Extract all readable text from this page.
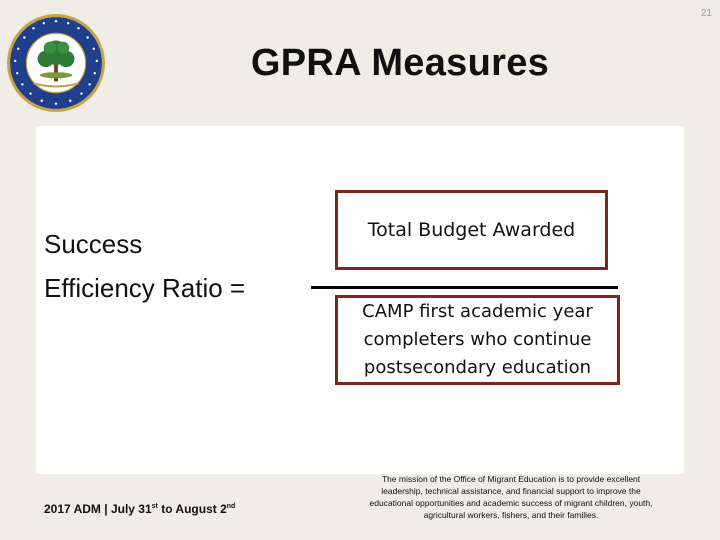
21
GPRA Measures
Success
Efficiency Ratio =
Total Budget Awarded
CAMP first academic year
completers who continue
postsecondary education
2017 ADM | July 31st to August 2nd
The mission of the Office of Migrant Education is to provide excellent
leadership, technical assistance, and financial support to improve the
educational opportunities and academic success of migrant children, youth,
agricultural workers, fishers, and their families.
